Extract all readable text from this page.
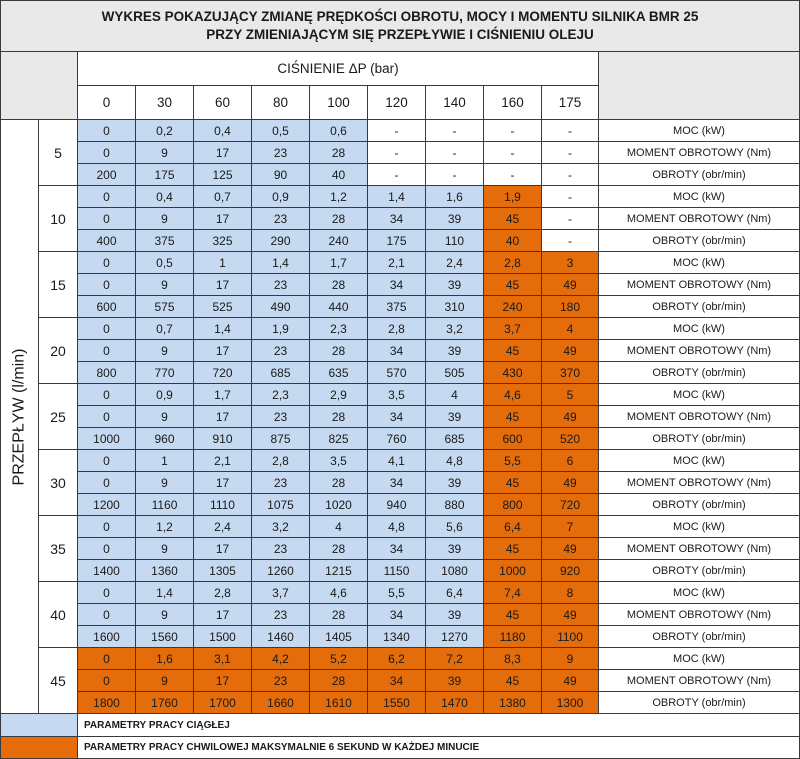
WYKRES POKAZUJĄCY ZMIANĘ PRĘDKOŚCI OBROTU, MOCY I MOMENTU SILNIKA BMR 25
PRZY ZMIENIAJĄCYM SIĘ PRZEPŁYWIE I CIŚNIENIU OLEJU
CIŚNIENIE ΔP (bar)
PRZEPŁYW (l/min)
PARAMETRY PRACY CIĄGŁEJ
PARAMETRY PRACY CHWILOWEJ MAKSYMALNIE 6 SEKUND W KAŻDEJ MINUCIE
0	30	60	80	100	120	140	160	175
5
0	0,2	0,4	0,5	0,6	-	-	-	-	MOC (kW)
0	9	17	23	28	-	-	-	-	MOMENT OBROTOWY (Nm)
200	175	125	90	40	-	-	-	-	OBROTY (obr/min)
10
0	0,4	0,7	0,9	1,2	1,4	1,6	1,9	-	MOC (kW)
0	9	17	23	28	34	39	45	-	MOMENT OBROTOWY (Nm)
400	375	325	290	240	175	110	40	-	OBROTY (obr/min)
15
0	0,5	1	1,4	1,7	2,1	2,4	2,8	3	MOC (kW)
0	9	17	23	28	34	39	45	49	MOMENT OBROTOWY (Nm)
600	575	525	490	440	375	310	240	180	OBROTY (obr/min)
20
0	0,7	1,4	1,9	2,3	2,8	3,2	3,7	4	MOC (kW)
0	9	17	23	28	34	39	45	49	MOMENT OBROTOWY (Nm)
800	770	720	685	635	570	505	430	370	OBROTY (obr/min)
25
0	0,9	1,7	2,3	2,9	3,5	4	4,6	5	MOC (kW)
0	9	17	23	28	34	39	45	49	MOMENT OBROTOWY (Nm)
1000	960	910	875	825	760	685	600	520	OBROTY (obr/min)
30
0	1	2,1	2,8	3,5	4,1	4,8	5,5	6	MOC (kW)
0	9	17	23	28	34	39	45	49	MOMENT OBROTOWY (Nm)
1200	1160	1110	1075	1020	940	880	800	720	OBROTY (obr/min)
35
0	1,2	2,4	3,2	4	4,8	5,6	6,4	7	MOC (kW)
0	9	17	23	28	34	39	45	49	MOMENT OBROTOWY (Nm)
1400	1360	1305	1260	1215	1150	1080	1000	920	OBROTY (obr/min)
40
0	1,4	2,8	3,7	4,6	5,5	6,4	7,4	8	MOC (kW)
0	9	17	23	28	34	39	45	49	MOMENT OBROTOWY (Nm)
1600	1560	1500	1460	1405	1340	1270	1180	1100	OBROTY (obr/min)
45
0	1,6	3,1	4,2	5,2	6,2	7,2	8,3	9	MOC (kW)
0	9	17	23	28	34	39	45	49	MOMENT OBROTOWY (Nm)
1800	1760	1700	1660	1610	1550	1470	1380	1300	OBROTY (obr/min)
